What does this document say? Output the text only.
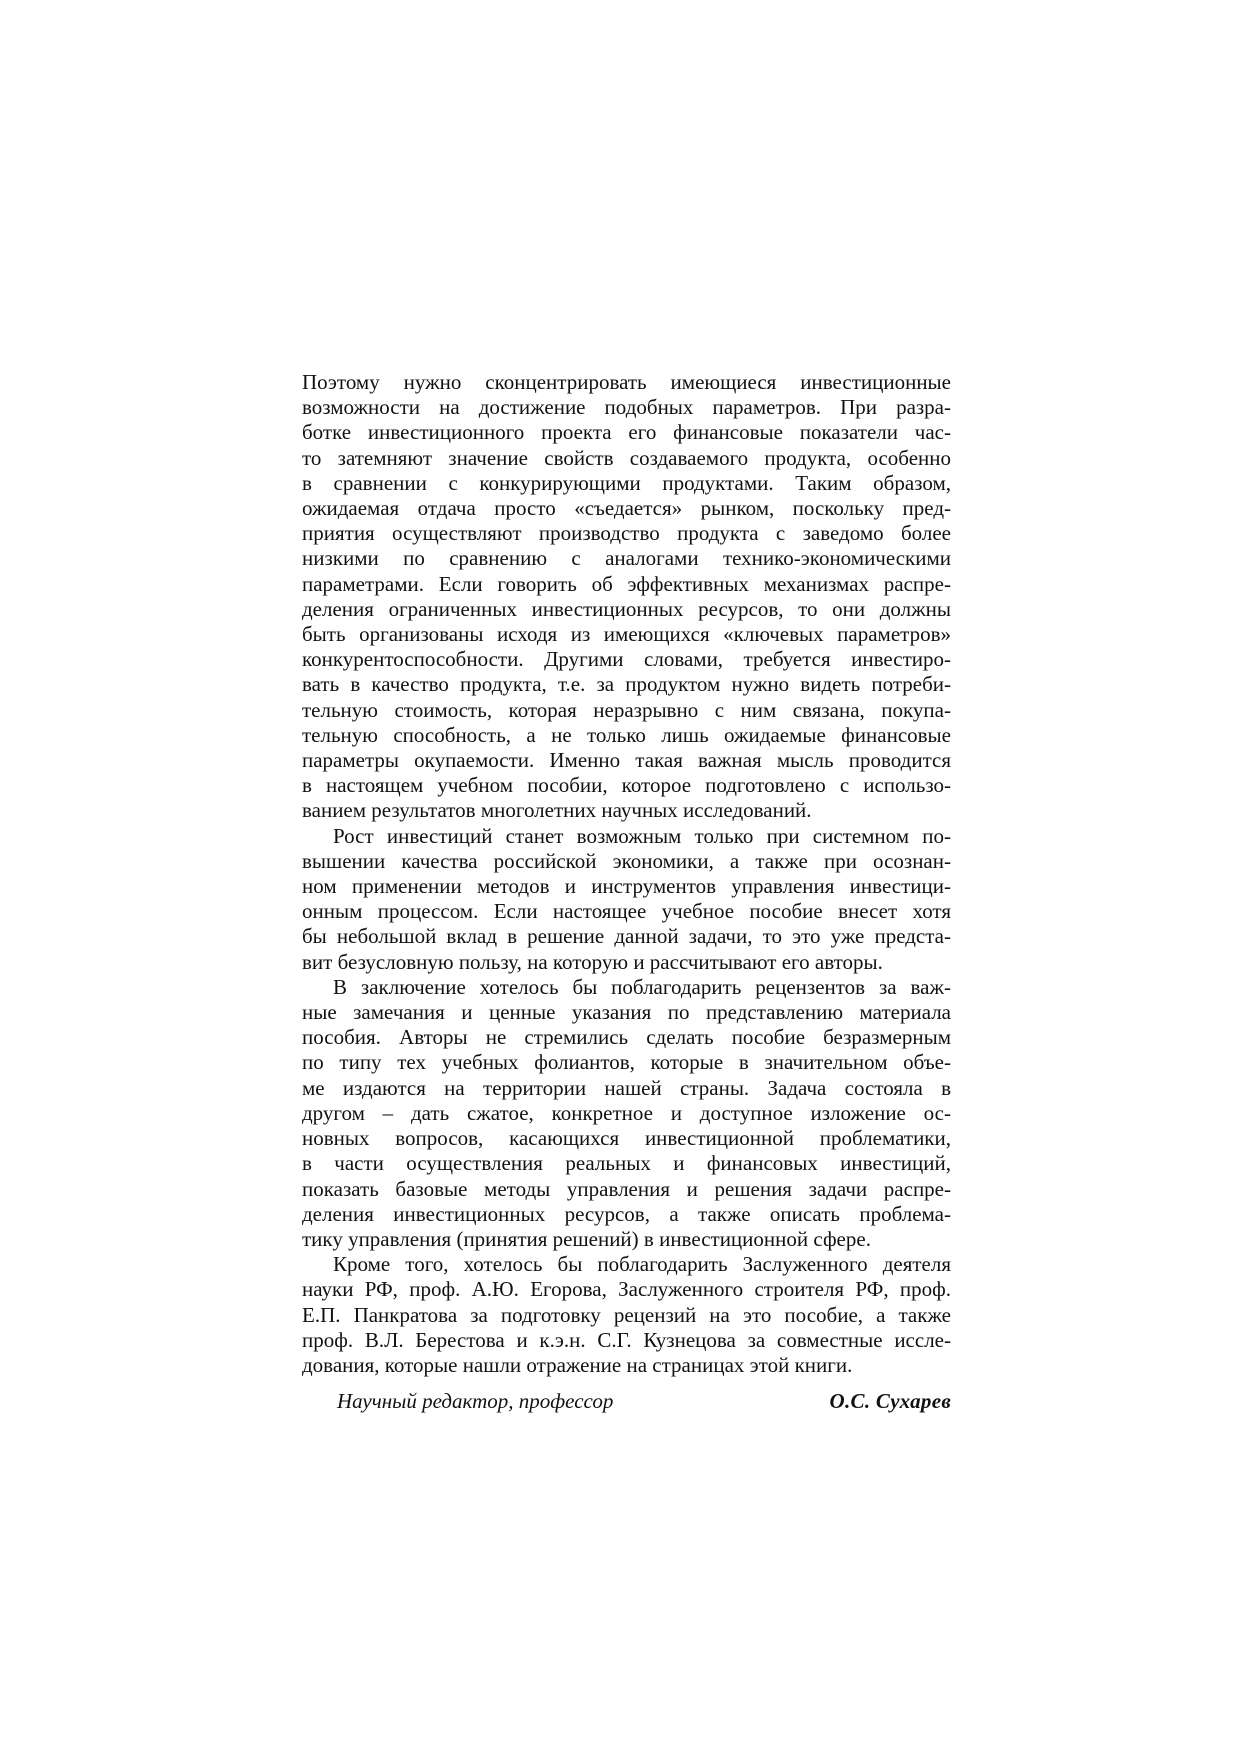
Поэтому нужно сконцентрировать имеющиеся инвестиционные
возможности на достижение подобных параметров. При разра-
ботке инвестиционного проекта его финансовые показатели час-
то затемняют значение свойств создаваемого продукта, особенно
в сравнении с конкурирующими продуктами. Таким образом,
ожидаемая отдача просто «съедается» рынком, поскольку пред-
приятия осуществляют производство продукта с заведомо более
низкими по сравнению с аналогами технико-экономическими
параметрами. Если говорить об эффективных механизмах распре-
деления ограниченных инвестиционных ресурсов, то они должны
быть организованы исходя из имеющихся «ключевых параметров»
конкурентоспособности. Другими словами, требуется инвестиро-
вать в качество продукта, т.е. за продуктом нужно видеть потреби-
тельную стоимость, которая неразрывно с ним связана, покупа-
тельную способность, а не только лишь ожидаемые финансовые
параметры окупаемости. Именно такая важная мысль проводится
в настоящем учебном пособии, которое подготовлено с использо-
ванием результатов многолетних научных исследований.
Рост инвестиций станет возможным только при системном по-
вышении качества российской экономики, а также при осознан-
ном применении методов и инструментов управления инвестици-
онным процессом. Если настоящее учебное пособие внесет хотя
бы небольшой вклад в решение данной задачи, то это уже предста-
вит безусловную пользу, на которую и рассчитывают его авторы.
В заключение хотелось бы поблагодарить рецензентов за важ-
ные замечания и ценные указания по представлению материала
пособия. Авторы не стремились сделать пособие безразмерным
по типу тех учебных фолиантов, которые в значительном объе-
ме издаются на территории нашей страны. Задача состояла в
другом – дать сжатое, конкретное и доступное изложение ос-
новных вопросов, касающихся инвестиционной проблематики,
в части осуществления реальных и финансовых инвестиций,
показать базовые методы управления и решения задачи распре-
деления инвестиционных ресурсов, а также описать проблема-
тику управления (принятия решений) в инвестиционной сфере.
Кроме того, хотелось бы поблагодарить Заслуженного деятеля
науки РФ, проф. А.Ю. Егорова, Заслуженного строителя РФ, проф.
Е.П. Панкратова за подготовку рецензий на это пособие, а также
проф. В.Л. Берестова и к.э.н. С.Г. Кузнецова за совместные иссле-
дования, которые нашли отражение на страницах этой книги.
Научный редактор, профессор	О.С. Сухарев
